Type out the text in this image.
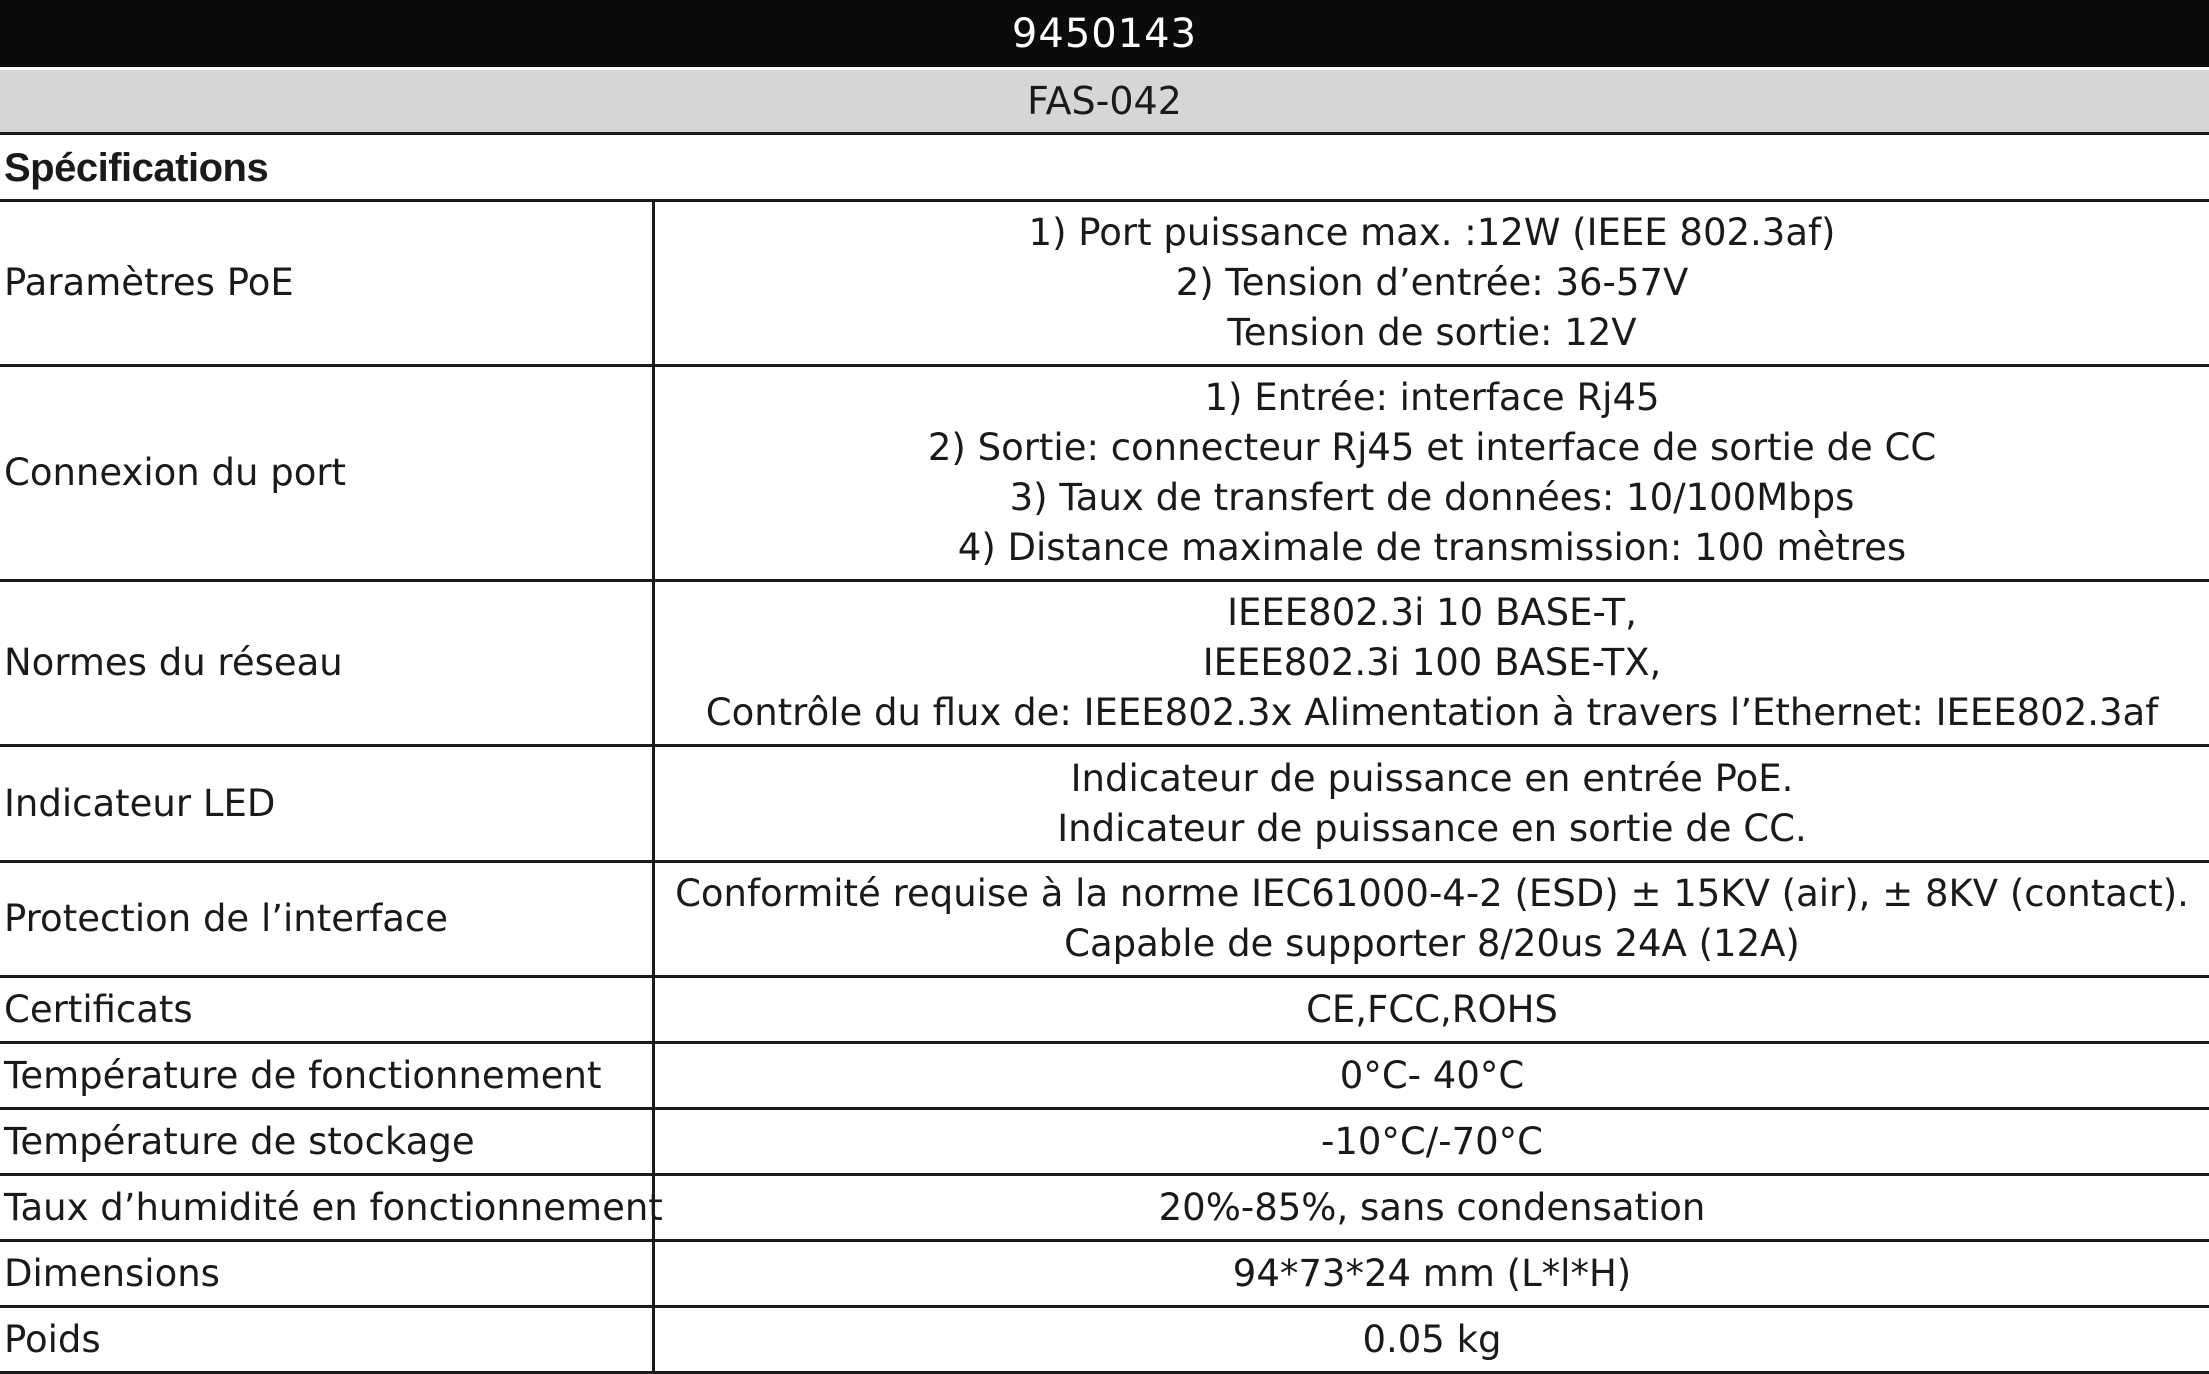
9450143
FAS-042
Spécifications
Paramètres PoE	1) Port puissance max. :12W (IEEE 802.3af)
2) Tension d’entrée: 36-57V
Tension de sortie: 12V

Connexion du port	1) Entrée: interface Rj45
2) Sortie: connecteur Rj45 et interface de sortie de CC
3) Taux de transfert de données: 10/100Mbps
4) Distance maximale de transmission: 100 mètres

Normes du réseau	IEEE802.3i 10 BASE-T,
IEEE802.3i 100 BASE-TX,
Contrôle du flux de: IEEE802.3x Alimentation à travers l’Ethernet: IEEE802.3af

Indicateur LED	Indicateur de puissance en entrée PoE.
Indicateur de puissance en sortie de CC.

Protection de l’interface	Conformité requise à la norme IEC61000-4-2 (ESD) ± 15KV (air), ± 8KV (contact).
Capable de supporter 8/20us 24A (12A)

Certificats	CE,FCC,ROHS

Température de fonctionnement	0°C- 40°C

Température de stockage	-10°C/-70°C

Taux d’humidité en fonctionnement	20%-85%, sans condensation

Dimensions	94*73*24 mm (L*l*H)

Poids	0.05 kg
